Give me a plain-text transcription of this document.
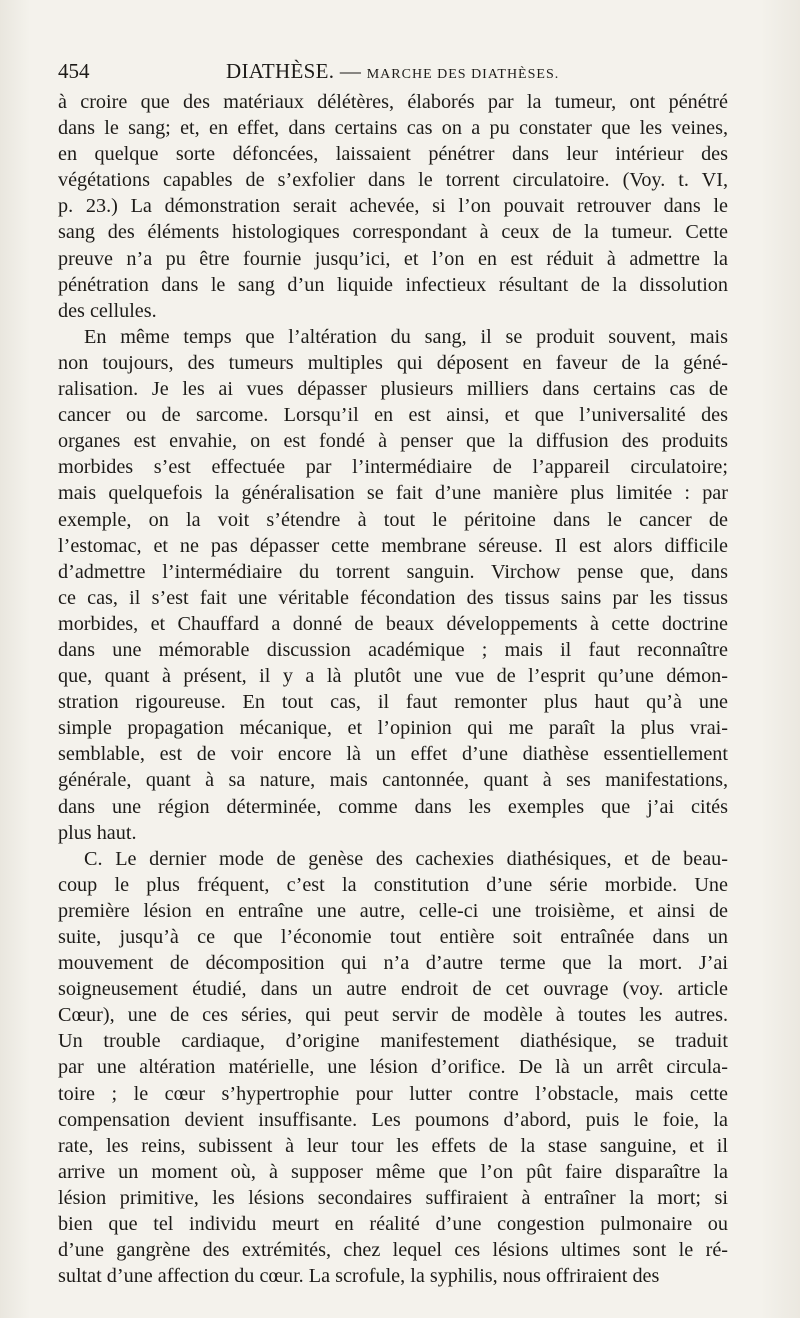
454	DIATHÈSE. — MARCHE DES DIATHÈSES.

à croire que des matériaux délétères, élaborés par la tumeur, ont pénétré
dans le sang; et, en effet, dans certains cas on a pu constater que les veines,
en quelque sorte défoncées, laissaient pénétrer dans leur intérieur des
végétations capables de s’exfolier dans le torrent circulatoire. (Voy. t. VI,
p. 23.) La démonstration serait achevée, si l’on pouvait retrouver dans le
sang des éléments histologiques correspondant à ceux de la tumeur. Cette
preuve n’a pu être fournie jusqu’ici, et l’on en est réduit à admettre la
pénétration dans le sang d’un liquide infectieux résultant de la dissolution
des cellules.

En même temps que l’altération du sang, il se produit souvent, mais
non toujours, des tumeurs multiples qui déposent en faveur de la géné-
ralisation. Je les ai vues dépasser plusieurs milliers dans certains cas de
cancer ou de sarcome. Lorsqu’il en est ainsi, et que l’universalité des
organes est envahie, on est fondé à penser que la diffusion des produits
morbides s’est effectuée par l’intermédiaire de l’appareil circulatoire;
mais quelquefois la généralisation se fait d’une manière plus limitée : par
exemple, on la voit s’étendre à tout le péritoine dans le cancer de
l’estomac, et ne pas dépasser cette membrane séreuse. Il est alors difficile
d’admettre l’intermédiaire du torrent sanguin. Virchow pense que, dans
ce cas, il s’est fait une véritable fécondation des tissus sains par les tissus
morbides, et Chauffard a donné de beaux développements à cette doctrine
dans une mémorable discussion académique ; mais il faut reconnaître
que, quant à présent, il y a là plutôt une vue de l’esprit qu’une démon-
stration rigoureuse. En tout cas, il faut remonter plus haut qu’à une
simple propagation mécanique, et l’opinion qui me paraît la plus vrai-
semblable, est de voir encore là un effet d’une diathèse essentiellement
générale, quant à sa nature, mais cantonnée, quant à ses manifestations,
dans une région déterminée, comme dans les exemples que j’ai cités
plus haut.

C. Le dernier mode de genèse des cachexies diathésiques, et de beau-
coup le plus fréquent, c’est la constitution d’une série morbide. Une
première lésion en entraîne une autre, celle-ci une troisième, et ainsi de
suite, jusqu’à ce que l’économie tout entière soit entraînée dans un
mouvement de décomposition qui n’a d’autre terme que la mort. J’ai
soigneusement étudié, dans un autre endroit de cet ouvrage (voy. article
Cœur), une de ces séries, qui peut servir de modèle à toutes les autres.
Un trouble cardiaque, d’origine manifestement diathésique, se traduit
par une altération matérielle, une lésion d’orifice. De là un arrêt circula-
toire ; le cœur s’hypertrophie pour lutter contre l’obstacle, mais cette
compensation devient insuffisante. Les poumons d’abord, puis le foie, la
rate, les reins, subissent à leur tour les effets de la stase sanguine, et il
arrive un moment où, à supposer même que l’on pût faire disparaître la
lésion primitive, les lésions secondaires suffiraient à entraîner la mort; si
bien que tel individu meurt en réalité d’une congestion pulmonaire ou
d’une gangrène des extrémités, chez lequel ces lésions ultimes sont le ré-
sultat d’une affection du cœur. La scrofule, la syphilis, nous offriraient des
